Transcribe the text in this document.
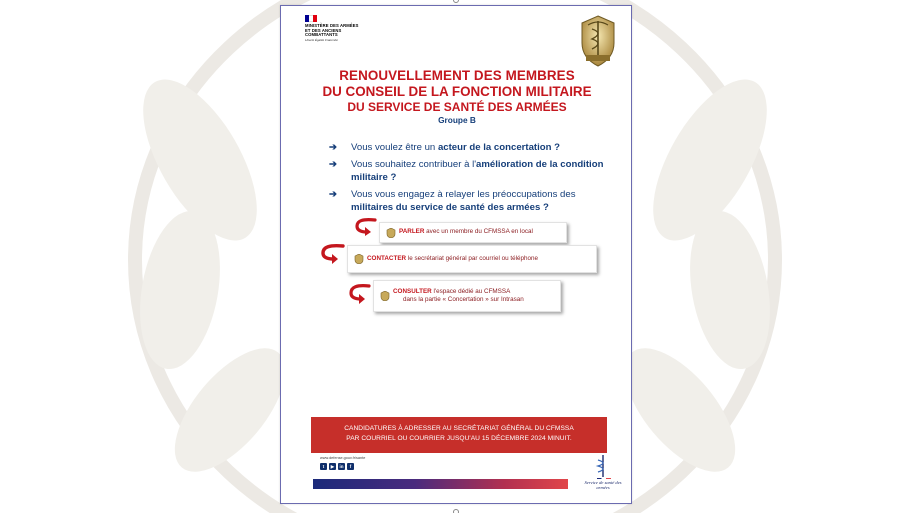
MINISTÈRE DES ARMÉES ET DES ANCIENS COMBATTANTS
Liberté Égalité Fraternité
RENOUVELLEMENT DES MEMBRES
DU CONSEIL DE LA FONCTION MILITAIRE
DU SERVICE DE SANTÉ DES ARMÉES
Groupe B
➔ Vous voulez être un acteur de la concertation ?
➔ Vous souhaitez contribuer à l'amélioration de la condition militaire ?
➔ Vous vous engagez à relayer les préoccupations des militaires du service de santé des armées ?
PARLER avec un membre du CFMSSA en local
CONTACTER le secrétariat général par courriel ou téléphone
CONSULTER l'espace dédié au CFMSSA
dans la partie « Concertation » sur Intrasan
CANDIDATURES À ADRESSER AU SECRÉTARIAT GÉNÉRAL DU CFMSSA
PAR COURRIEL OU COURRIER JUSQU'AU 15 DÉCEMBRE 2024 MINUIT.
www.defense.gouv.fr/sante
t	▶	in	f
Service de santé des armées
